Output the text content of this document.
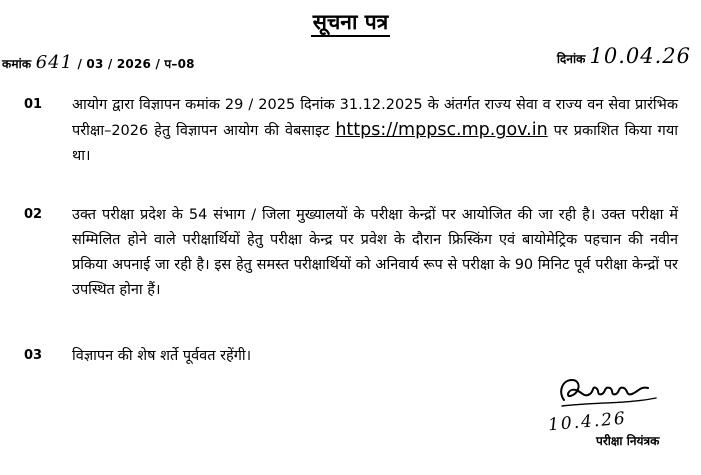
सूचना पत्र
कमांक 641 / 03 / 2026 / प–08	दिनांक 10.04.26
01 आयोग द्वारा विज्ञापन कमांक 29 / 2025 दिनांक 31.12.2025 के अंतर्गत राज्य सेवा व राज्य वन सेवा प्रारंभिक परीक्षा–2026 हेतु विज्ञापन आयोग की वेबसाइट https://mppsc.mp.gov.in पर प्रकाशित किया गया था।
02 उक्त परीक्षा प्रदेश के 54 संभाग / जिला मुख्यालयों के परीक्षा केन्द्रों पर आयोजित की जा रही है। उक्त परीक्षा में सम्मिलित होने वाले परीक्षार्थियों हेतु परीक्षा केन्द्र पर प्रवेश के दौरान फ्रिस्किंग एवं बायोमेट्रिक पहचान की नवीन प्रकिया अपनाई जा रही है। इस हेतु समस्त परीक्षार्थियों को अनिवार्य रूप से परीक्षा के 90 मिनिट पूर्व परीक्षा केन्द्रों पर उपस्थित होना हैं।
03 विज्ञापन की शेष शर्ते पूर्ववत रहेंगी।
10.4.26
परीक्षा नियंत्रक
